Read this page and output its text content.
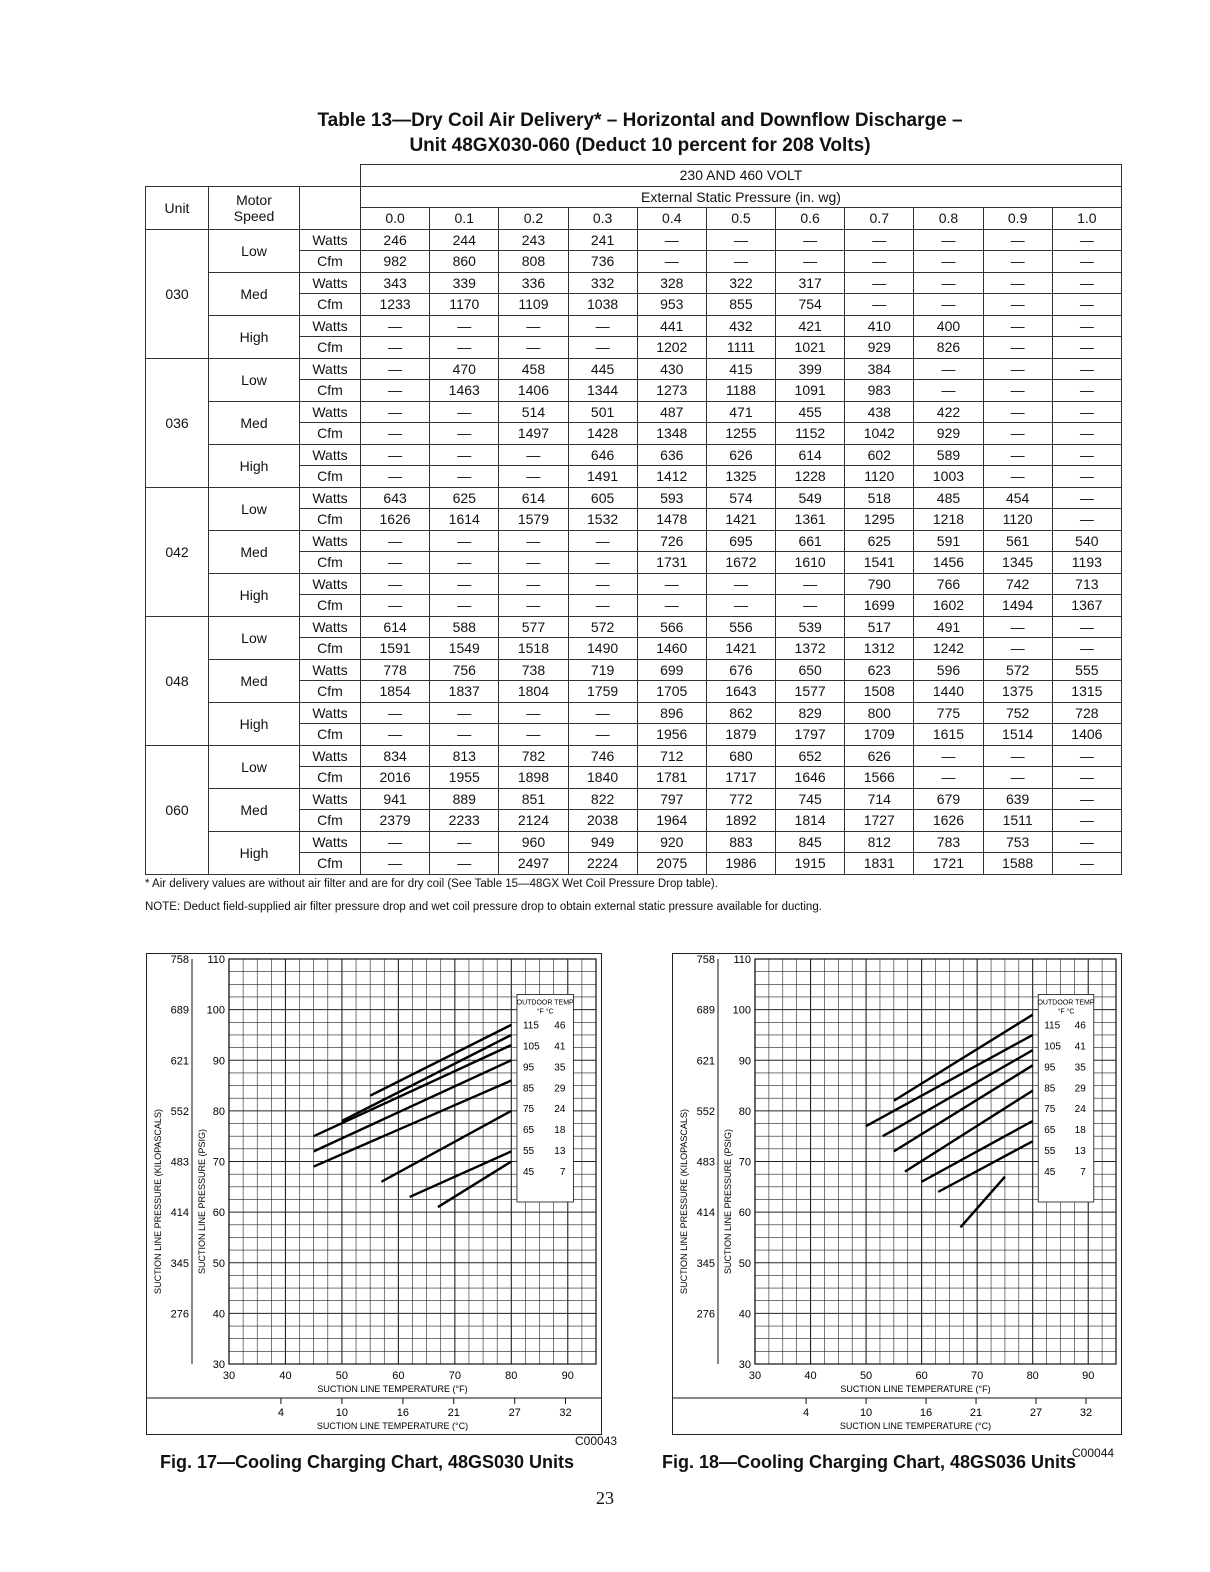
Table 13—Dry Coil Air Delivery* – Horizontal and Downflow Discharge –
Unit 48GX030-060 (Deduct 10 percent for 208 Volts)
			230 AND 460 VOLT										
Unit	Motor
Speed		External Static Pressure (in. wg)										
			0.0	0.1	0.2	0.3	0.4	0.5	0.6	0.7	0.8	0.9	1.0
030	Low	Watts	246	244	243	241	—	—	—	—	—	—	—
		Cfm	982	860	808	736	—	—	—	—	—	—	—
	Med	Watts	343	339	336	332	328	322	317	—	—	—	—
		Cfm	1233	1170	1109	1038	953	855	754	—	—	—	—
	High	Watts	—	—	—	—	441	432	421	410	400	—	—
		Cfm	—	—	—	—	1202	1111	1021	929	826	—	—
036	Low	Watts	—	470	458	445	430	415	399	384	—	—	—
		Cfm	—	1463	1406	1344	1273	1188	1091	983	—	—	—
	Med	Watts	—	—	514	501	487	471	455	438	422	—	—
		Cfm	—	—	1497	1428	1348	1255	1152	1042	929	—	—
	High	Watts	—	—	—	646	636	626	614	602	589	—	—
		Cfm	—	—	—	1491	1412	1325	1228	1120	1003	—	—
042	Low	Watts	643	625	614	605	593	574	549	518	485	454	—
		Cfm	1626	1614	1579	1532	1478	1421	1361	1295	1218	1120	—
	Med	Watts	—	—	—	—	726	695	661	625	591	561	540
		Cfm	—	—	—	—	1731	1672	1610	1541	1456	1345	1193
	High	Watts	—	—	—	—	—	—	—	790	766	742	713
		Cfm	—	—	—	—	—	—	—	1699	1602	1494	1367
048	Low	Watts	614	588	577	572	566	556	539	517	491	—	—
		Cfm	1591	1549	1518	1490	1460	1421	1372	1312	1242	—	—
	Med	Watts	778	756	738	719	699	676	650	623	596	572	555
		Cfm	1854	1837	1804	1759	1705	1643	1577	1508	1440	1375	1315
	High	Watts	—	—	—	—	896	862	829	800	775	752	728
		Cfm	—	—	—	—	1956	1879	1797	1709	1615	1514	1406
060	Low	Watts	834	813	782	746	712	680	652	626	—	—	—
		Cfm	2016	1955	1898	1840	1781	1717	1646	1566	—	—	—
	Med	Watts	941	889	851	822	797	772	745	714	679	639	—
		Cfm	2379	2233	2124	2038	1964	1892	1814	1727	1626	1511	—
	High	Watts	—	—	960	949	920	883	845	812	783	753	—
		Cfm	—	—	2497	2224	2075	1986	1915	1831	1721	1588	—
* Air delivery values are without air filter and are for dry coil (See Table 15—48GX Wet Coil Pressure Drop table).
NOTE: Deduct field-supplied air filter pressure drop and wet coil pressure drop to obtain external static pressure available for ducting.
110
100
90
80
70
60
50
40
30
758
689
621
552
483
414
345
276
SUCTION LINE PRESSURE (KILOPASCALS)	SUCTION LINE PRESSURE (PSIG)
30	40	50	60	70	80	90
SUCTION LINE TEMPERATURE (°F)
4	10	16	21	27	32
SUCTION LINE TEMPERATURE (°C)
OUTDOOR TEMP
°F °C
115 46
105 41
95 35
85 29
75 24
65 18
55 13
45	7
C00043
Fig. 17—Cooling Charging Chart, 48GS030 Units
110
100
90
80
70
60
50
40
30
758
689
621
552
483
414
345
276
SUCTION LINE PRESSURE (KILOPASCALS)	SUCTION LINE PRESSURE (PSIG)
30	40	50	60	70	80	90
SUCTION LINE TEMPERATURE (°F)
4	10	16	21	27	32
SUCTION LINE TEMPERATURE (°C)
OUTDOOR TEMP
°F °C
115 46
105 41
95 35
85 29
75 24
65 18
55 13
45 7
C00044
Fig. 18—Cooling Charging Chart, 48GS036 Units
23
